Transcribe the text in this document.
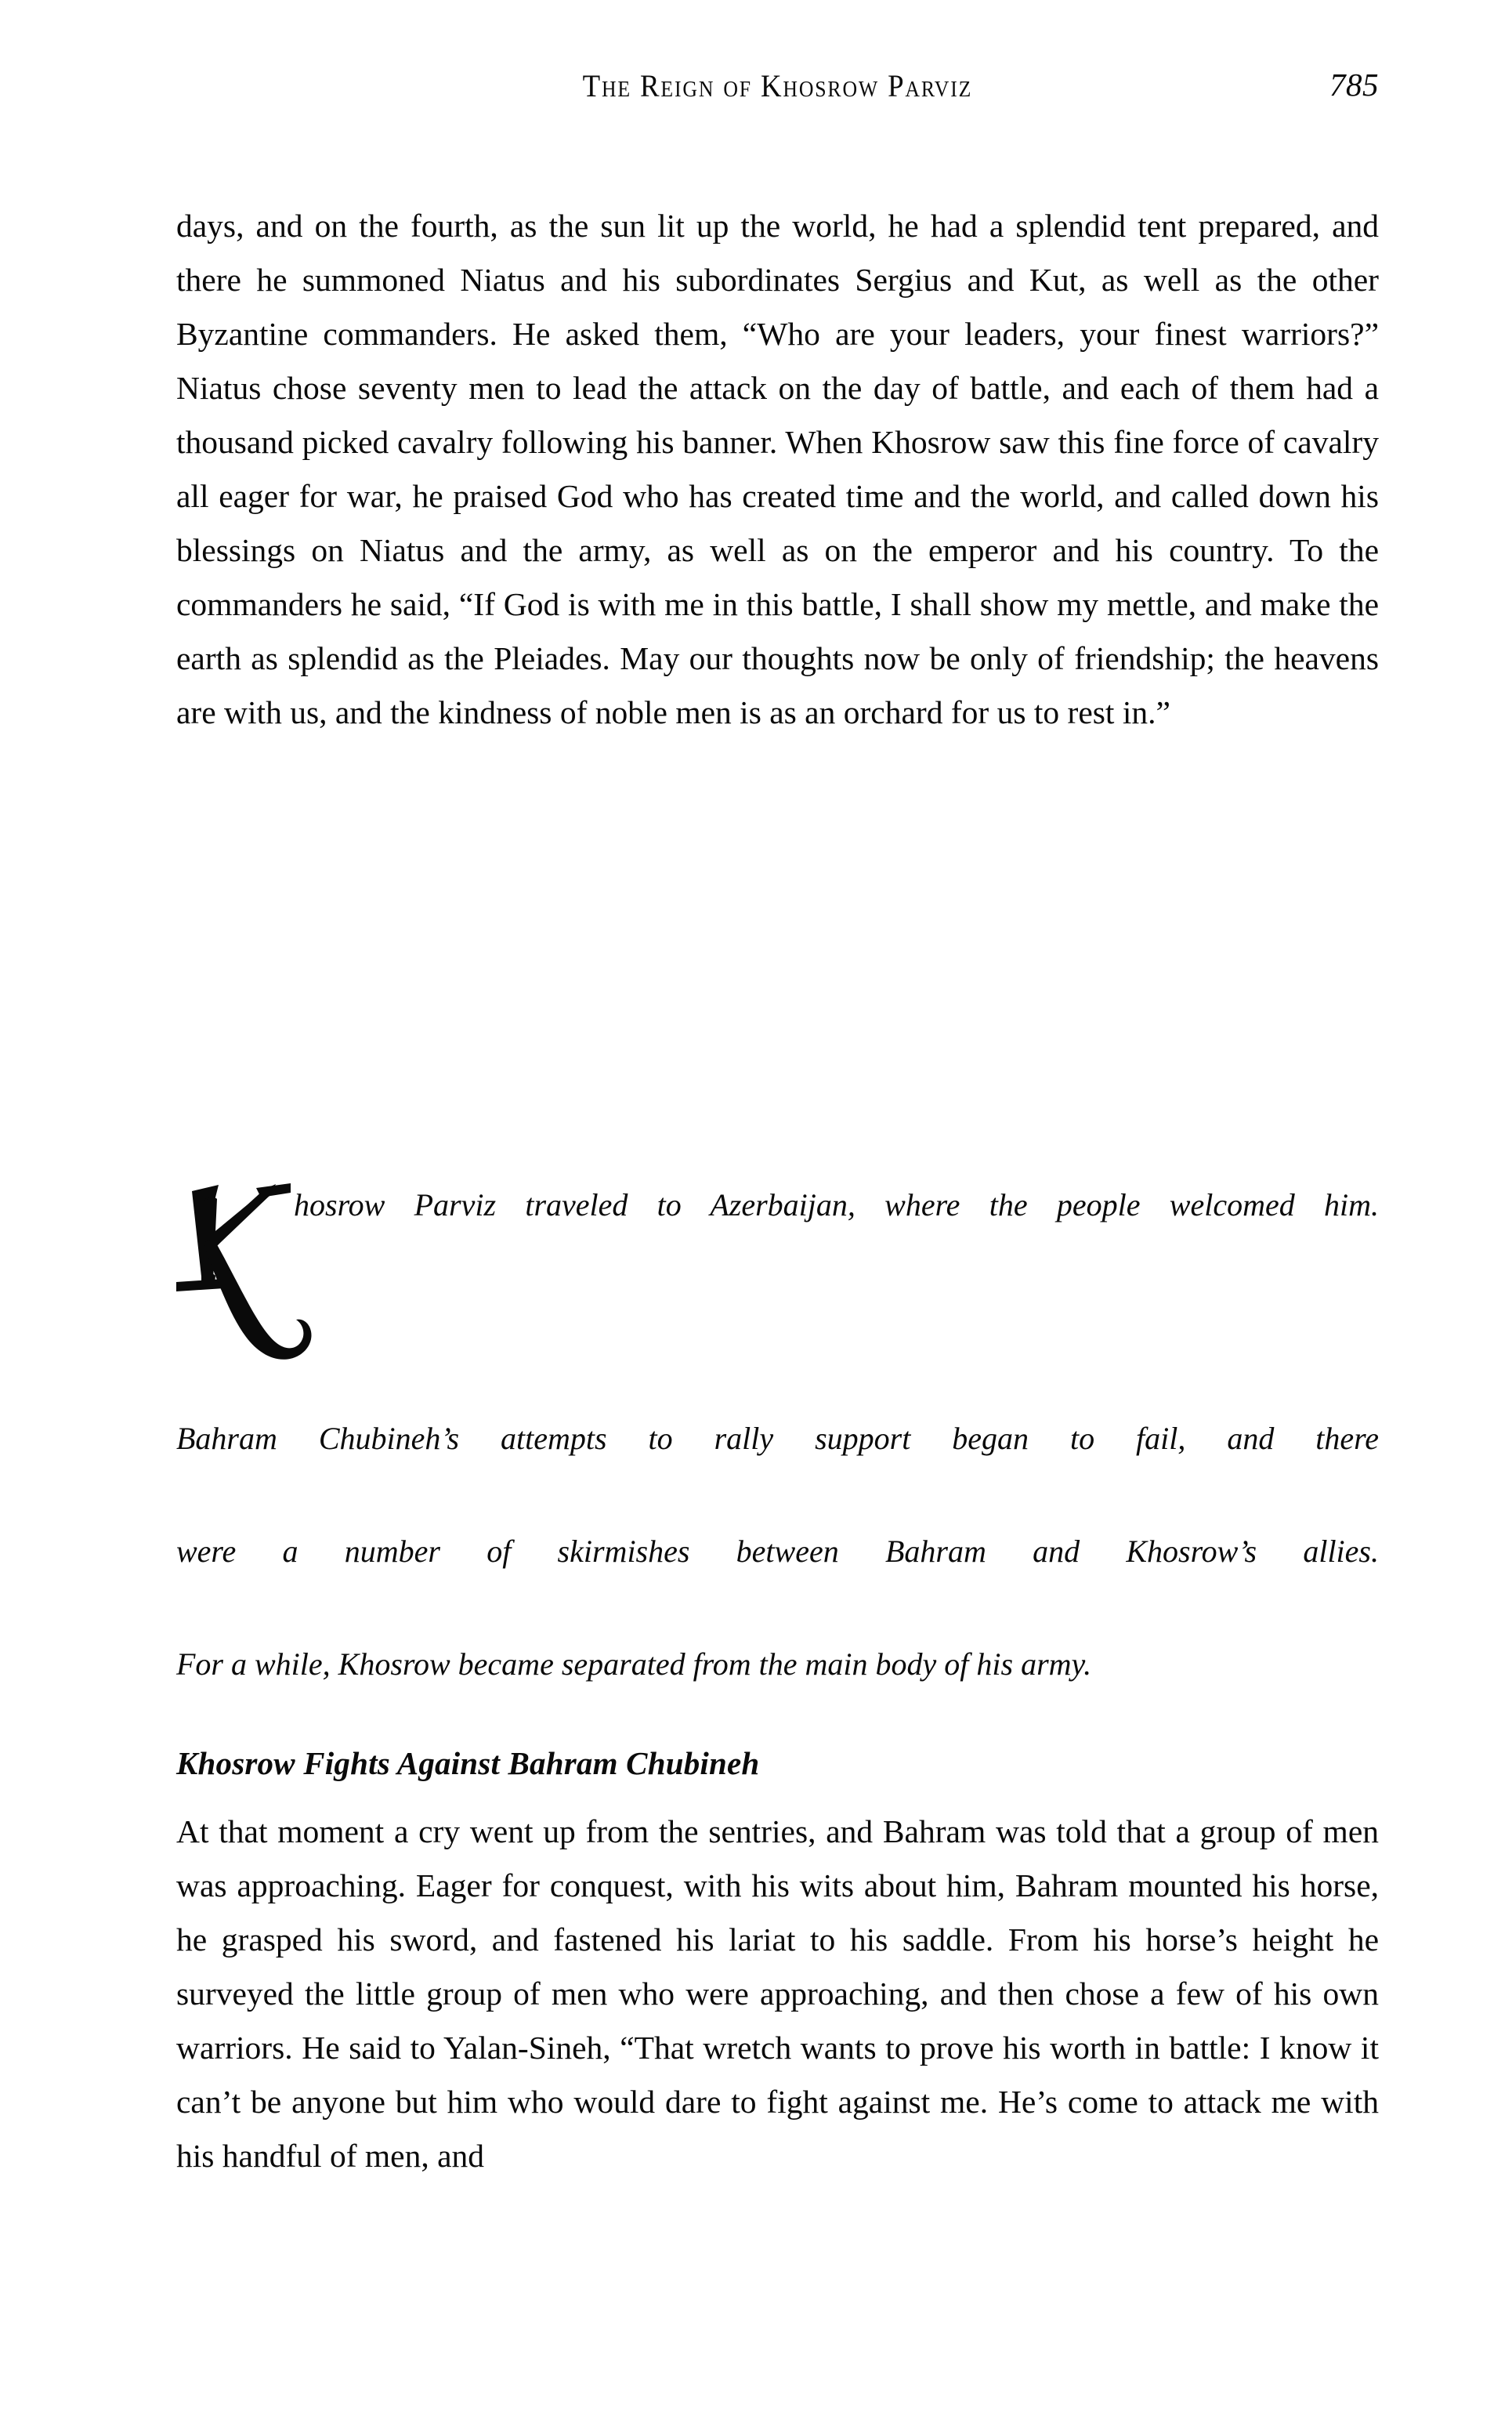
The Reign of Khosrow Parviz	785

days, and on the fourth, as the sun lit up the world, he had a splendid tent prepared, and there he summoned Niatus and his subordinates Sergius and Kut, as well as the other Byzantine commanders. He asked them, “Who are your leaders, your finest warriors?” Niatus chose seventy men to lead the attack on the day of battle, and each of them had a thousand picked cavalry following his banner. When Khosrow saw this fine force of cavalry all eager for war, he praised God who has created time and the world, and called down his blessings on Niatus and the army, as well as on the emperor and his country. To the commanders he said, “If God is with me in this battle, I shall show my mettle, and make the earth as splendid as the Pleiades. May our thoughts now be only of friendship; the heavens are with us, and the kindness of noble men is as an orchard for us to rest in.”

hosrow Parviz traveled to Azerbaijan, where the people welcomed him.
Bahram Chubineh’s attempts to rally support began to fail, and there
were a number of skirmishes between Bahram and Khosrow’s allies.
For a while, Khosrow became separated from the main body of his army.
Khosrow Fights Against Bahram Chubineh

At that moment a cry went up from the sentries, and Bahram was told that a group of men was approaching. Eager for conquest, with his wits about him, Bahram mounted his horse, he grasped his sword, and fastened his lariat to his saddle. From his horse’s height he surveyed the little group of men who were approaching, and then chose a few of his own warriors. He said to Yalan-Sineh, “That wretch wants to prove his worth in battle: I know it can’t be anyone but him who would dare to fight against me. He’s come to attack me with his handful of men, and
